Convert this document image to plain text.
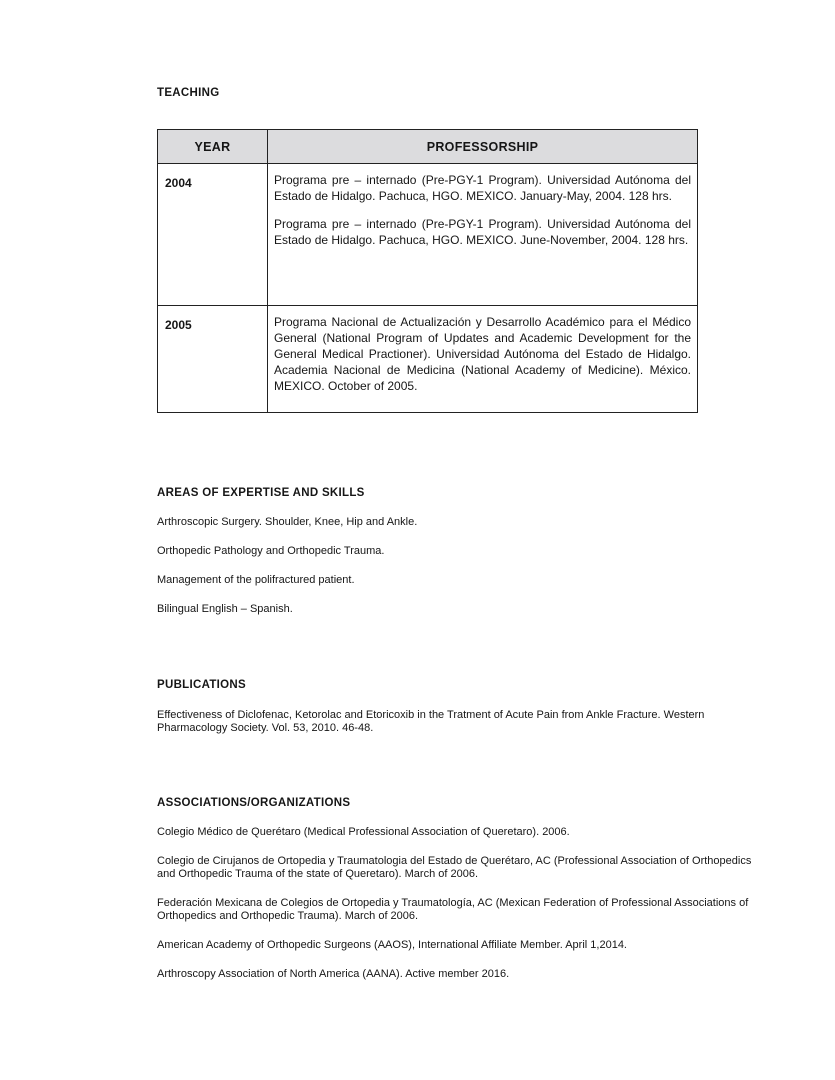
TEACHING
YEAR	PROFESSORSHIP
2004	Programa pre – internado (Pre-PGY-1 Program). Universidad Autónoma del Estado de Hidalgo. Pachuca, HGO. MEXICO. January-May, 2004. 128 hrs.

Programa pre – internado (Pre-PGY-1 Program). Universidad Autónoma del Estado de Hidalgo. Pachuca, HGO. MEXICO. June-November, 2004. 128 hrs.

2005	Programa Nacional de Actualización y Desarrollo Académico para el Médico General (National Program of Updates and Academic Development for the General Medical Practioner). Universidad Autónoma del Estado de Hidalgo. Academia Nacional de Medicina (National Academy of Medicine). México. MEXICO. October of 2005.

AREAS OF EXPERTISE AND SKILLS
Arthroscopic Surgery. Shoulder, Knee, Hip and Ankle.
Orthopedic Pathology and Orthopedic Trauma.
Management of the polifractured patient.
Bilingual English – Spanish.
PUBLICATIONS
Effectiveness of Diclofenac, Ketorolac and Etoricoxib in the Tratment of Acute Pain from Ankle Fracture. Western Pharmacology Society. Vol. 53, 2010. 46-48.
ASSOCIATIONS/ORGANIZATIONS
Colegio Médico de Querétaro (Medical Professional Association of Queretaro). 2006.
Colegio de Cirujanos de Ortopedia y Traumatologia del Estado de Querétaro, AC (Professional Association of Orthopedics and Orthopedic Trauma of the state of Queretaro). March of 2006.
Federación Mexicana de Colegios de Ortopedia y Traumatología, AC (Mexican Federation of Professional Associations of Orthopedics and Orthopedic Trauma). March of 2006.
American Academy of Orthopedic Surgeons (AAOS), International Affiliate Member. April 1,2014.
Arthroscopy Association of North America (AANA). Active member 2016.
